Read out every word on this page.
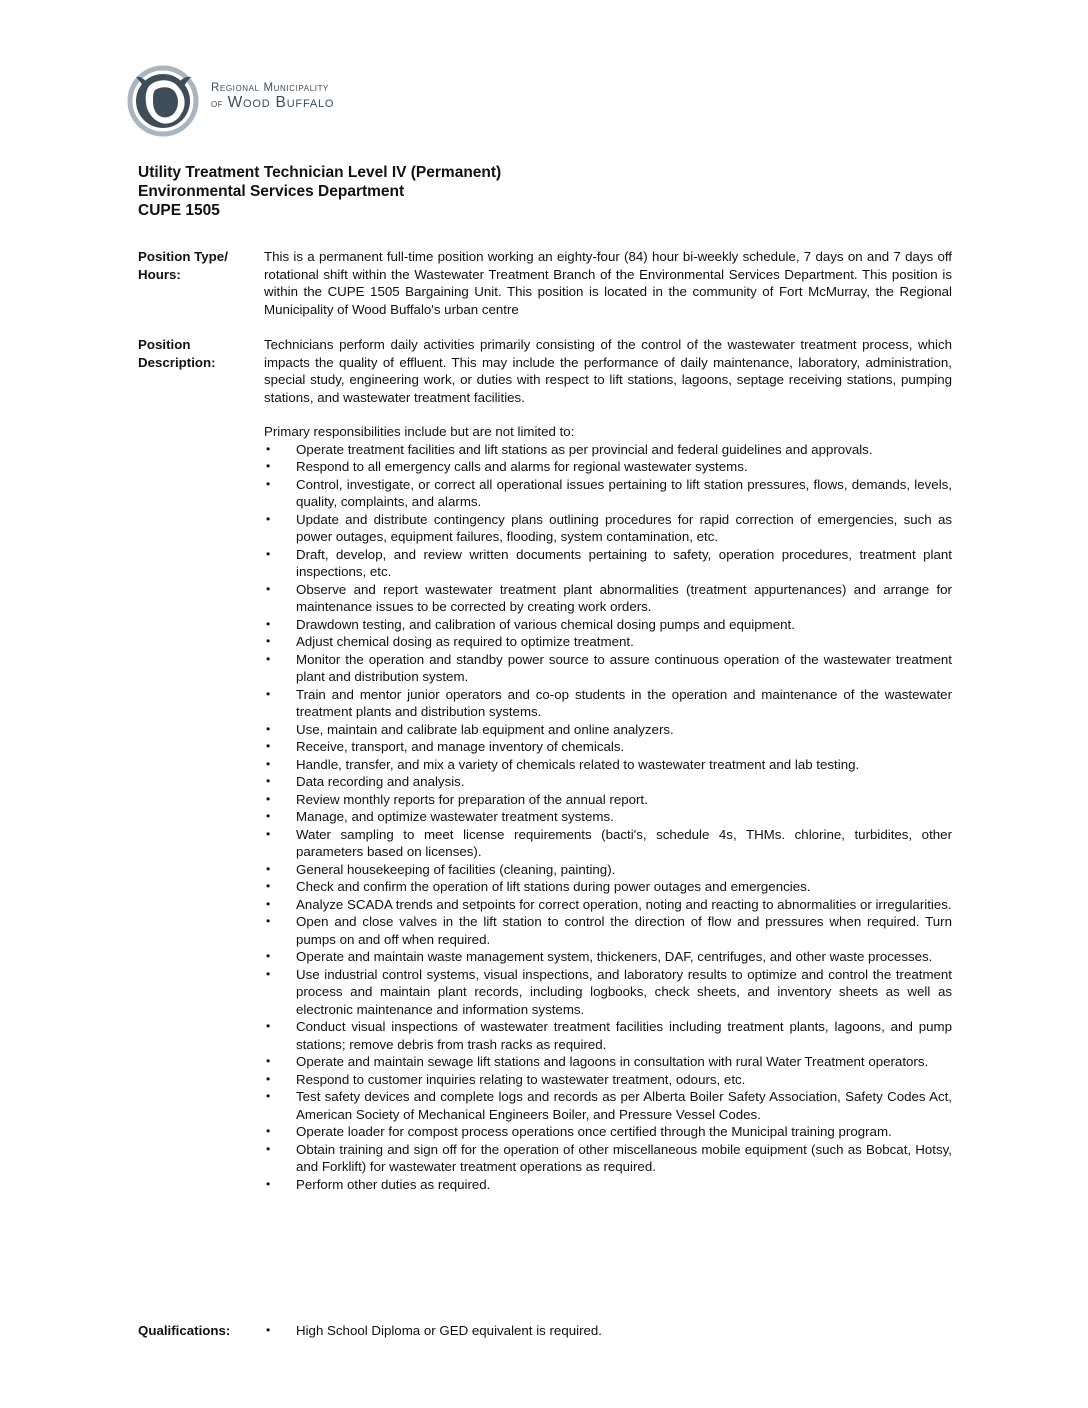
Regional Municipality
of Wood Buffalo
Utility Treatment Technician Level IV (Permanent)
Environmental Services Department
CUPE 1505
Position Type/
Hours:

This is a permanent full-time position working an eighty-four (84) hour bi-weekly schedule, 7 days on and 7 days off rotational shift within the Wastewater Treatment Branch of the Environmental Services Department. This position is within the CUPE 1505 Bargaining Unit. This position is located in the community of Fort McMurray, the Regional Municipality of Wood Buffalo's urban centre

Position
Description:

Technicians perform daily activities primarily consisting of the control of the wastewater treatment process, which impacts the quality of effluent. This may include the performance of daily maintenance, laboratory, administration, special study, engineering work, or duties with respect to lift stations, lagoons, septage receiving stations, pumping stations, and wastewater treatment facilities.

Primary responsibilities include but are not limited to:

• Operate treatment facilities and lift stations as per provincial and federal guidelines and approvals.
• Respond to all emergency calls and alarms for regional wastewater systems.
• Control, investigate, or correct all operational issues pertaining to lift station pressures, flows, demands, levels, quality, complaints, and alarms.
• Update and distribute contingency plans outlining procedures for rapid correction of emergencies, such as power outages, equipment failures, flooding, system contamination, etc.
• Draft, develop, and review written documents pertaining to safety, operation procedures, treatment plant inspections, etc.
• Observe and report wastewater treatment plant abnormalities (treatment appurtenances) and arrange for maintenance issues to be corrected by creating work orders.
• Drawdown testing, and calibration of various chemical dosing pumps and equipment.
• Adjust chemical dosing as required to optimize treatment.
• Monitor the operation and standby power source to assure continuous operation of the wastewater treatment plant and distribution system.
• Train and mentor junior operators and co-op students in the operation and maintenance of the wastewater treatment plants and distribution systems.
• Use, maintain and calibrate lab equipment and online analyzers.
• Receive, transport, and manage inventory of chemicals.
• Handle, transfer, and mix a variety of chemicals related to wastewater treatment and lab testing.
• Data recording and analysis.
• Review monthly reports for preparation of the annual report.
• Manage, and optimize wastewater treatment systems.
• Water sampling to meet license requirements (bacti's, schedule 4s, THMs. chlorine, turbidites, other parameters based on licenses).
• General housekeeping of facilities (cleaning, painting).
• Check and confirm the operation of lift stations during power outages and emergencies.
• Analyze SCADA trends and setpoints for correct operation, noting and reacting to abnormalities or irregularities.
• Open and close valves in the lift station to control the direction of flow and pressures when required. Turn pumps on and off when required.
• Operate and maintain waste management system, thickeners, DAF, centrifuges, and other waste processes.
• Use industrial control systems, visual inspections, and laboratory results to optimize and control the treatment process and maintain plant records, including logbooks, check sheets, and inventory sheets as well as electronic maintenance and information systems.
• Conduct visual inspections of wastewater treatment facilities including treatment plants, lagoons, and pump stations; remove debris from trash racks as required.
• Operate and maintain sewage lift stations and lagoons in consultation with rural Water Treatment operators.
• Respond to customer inquiries relating to wastewater treatment, odours, etc.
• Test safety devices and complete logs and records as per Alberta Boiler Safety Association, Safety Codes Act, American Society of Mechanical Engineers Boiler, and Pressure Vessel Codes.
• Operate loader for compost process operations once certified through the Municipal training program.
• Obtain training and sign off for the operation of other miscellaneous mobile equipment (such as Bobcat, Hotsy, and Forklift) for wastewater treatment operations as required.
• Perform other duties as required.
Qualifications:	• High School Diploma or GED equivalent is required.
